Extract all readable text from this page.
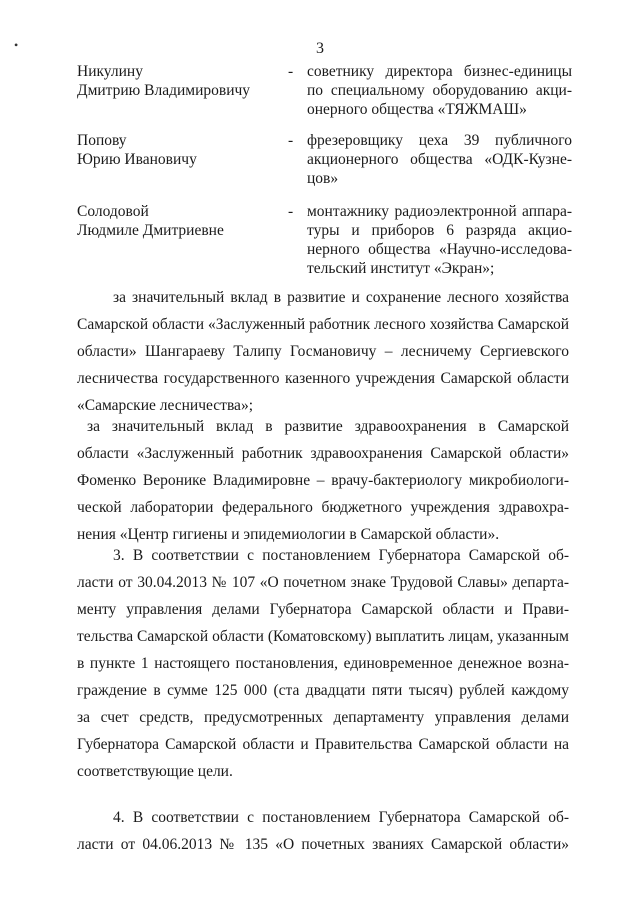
•	3
Никулину
Дмитрию Владимировичу
- советнику директора бизнес-единицы
по специальному оборудованию акци-
онерного общества «ТЯЖМАШ»
Попову
Юрию Ивановичу
- фрезеровщику цеха 39 публичного
акционерного общества «ОДК-Кузне-
цов»
Солодовой
Людмиле Дмитриевне
- монтажнику радиоэлектронной аппара-
туры и приборов 6 разряда акцио-
нерного общества «Научно-исследова-
тельский институт «Экран»;
за значительный вклад в развитие и сохранение лесного хозяйства
Самарской области «Заслуженный работник лесного хозяйства Самарской
области» Шангараеву Талипу Госмановичу – лесничему Сергиевского
лесничества государственного казенного учреждения Самарской области
«Самарские лесничества»;
за значительный вклад в развитие здравоохранения в Самарской
области «Заслуженный работник здравоохранения Самарской области»
Фоменко Веронике Владимировне – врачу-бактериологу микробиологи-
ческой лаборатории федерального бюджетного учреждения здравохра-
нения «Центр гигиены и эпидемиологии в Самарской области».
3. В соответствии с постановлением Губернатора Самарской об-
ласти от 30.04.2013 № 107 «О почетном знаке Трудовой Славы» департа-
менту управления делами Губернатора Самарской области и Прави-
тельства Самарской области (Коматовскому) выплатить лицам, указанным
в пункте 1 настоящего постановления, единовременное денежное возна-
граждение в сумме 125 000 (ста двадцати пяти тысяч) рублей каждому
за счет средств, предусмотренных департаменту управления делами
Губернатора Самарской области и Правительства Самарской области на
соответствующие цели.
4. В соответствии с постановлением Губернатора Самарской об-
ласти от 04.06.2013 № 135 «О почетных званиях Самарской области»
